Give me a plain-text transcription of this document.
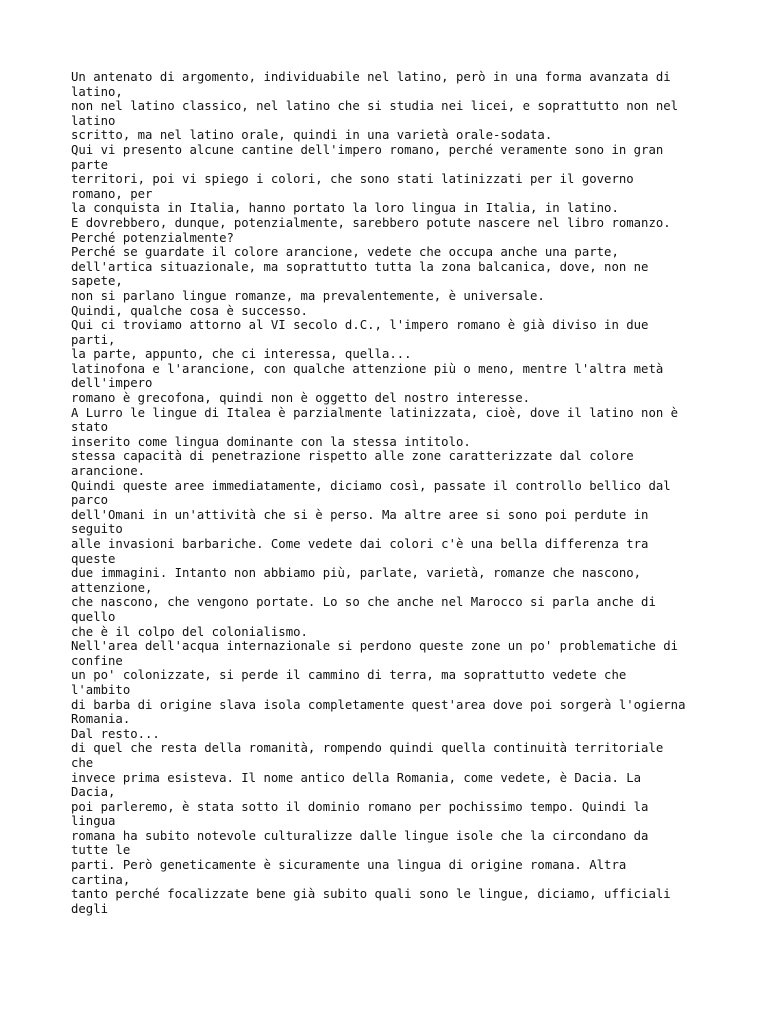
Un antenato di argomento, individuabile nel latino, però in una forma avanzata di
latino,
non nel latino classico, nel latino che si studia nei licei, e soprattutto non nel
latino
scritto, ma nel latino orale, quindi in una varietà orale-sodata.
Qui vi presento alcune cantine dell'impero romano, perché veramente sono in gran
parte
territori, poi vi spiego i colori, che sono stati latinizzati per il governo
romano, per
la conquista in Italia, hanno portato la loro lingua in Italia, in latino.
E dovrebbero, dunque, potenzialmente, sarebbero potute nascere nel libro romanzo.
Perché potenzialmente?
Perché se guardate il colore arancione, vedete che occupa anche una parte,
dell'artica situazionale, ma soprattutto tutta la zona balcanica, dove, non ne
sapete,
non si parlano lingue romanze, ma prevalentemente, è universale.
Quindi, qualche cosa è successo.
Qui ci troviamo attorno al VI secolo d.C., l'impero romano è già diviso in due
parti,
la parte, appunto, che ci interessa, quella...
latinofona e l'arancione, con qualche attenzione più o meno, mentre l'altra metà
dell'impero
romano è grecofona, quindi non è oggetto del nostro interesse.
A Lurro le lingue di Italea è parzialmente latinizzata, cioè, dove il latino non è
stato
inserito come lingua dominante con la stessa intitolo.
stessa capacità di penetrazione rispetto alle zone caratterizzate dal colore
arancione.
Quindi queste aree immediatamente, diciamo così, passate il controllo bellico dal
parco
dell'Omani in un'attività che si è perso. Ma altre aree si sono poi perdute in
seguito
alle invasioni barbariche. Come vedete dai colori c'è una bella differenza tra
queste
due immagini. Intanto non abbiamo più, parlate, varietà, romanze che nascono,
attenzione,
che nascono, che vengono portate. Lo so che anche nel Marocco si parla anche di
quello
che è il colpo del colonialismo.
Nell'area dell'acqua internazionale si perdono queste zone un po' problematiche di
confine
un po' colonizzate, si perde il cammino di terra, ma soprattutto vedete che
l'ambito
di barba di origine slava isola completamente quest'area dove poi sorgerà l'ogierna
Romania.
Dal resto...
di quel che resta della romanità, rompendo quindi quella continuità territoriale
che
invece prima esisteva. Il nome antico della Romania, come vedete, è Dacia. La
Dacia,
poi parleremo, è stata sotto il dominio romano per pochissimo tempo. Quindi la
lingua
romana ha subito notevole culturalizze dalle lingue isole che la circondano da
tutte le
parti. Però geneticamente è sicuramente una lingua di origine romana. Altra
cartina,
tanto perché focalizzate bene già subito quali sono le lingue, diciamo, ufficiali
degli
